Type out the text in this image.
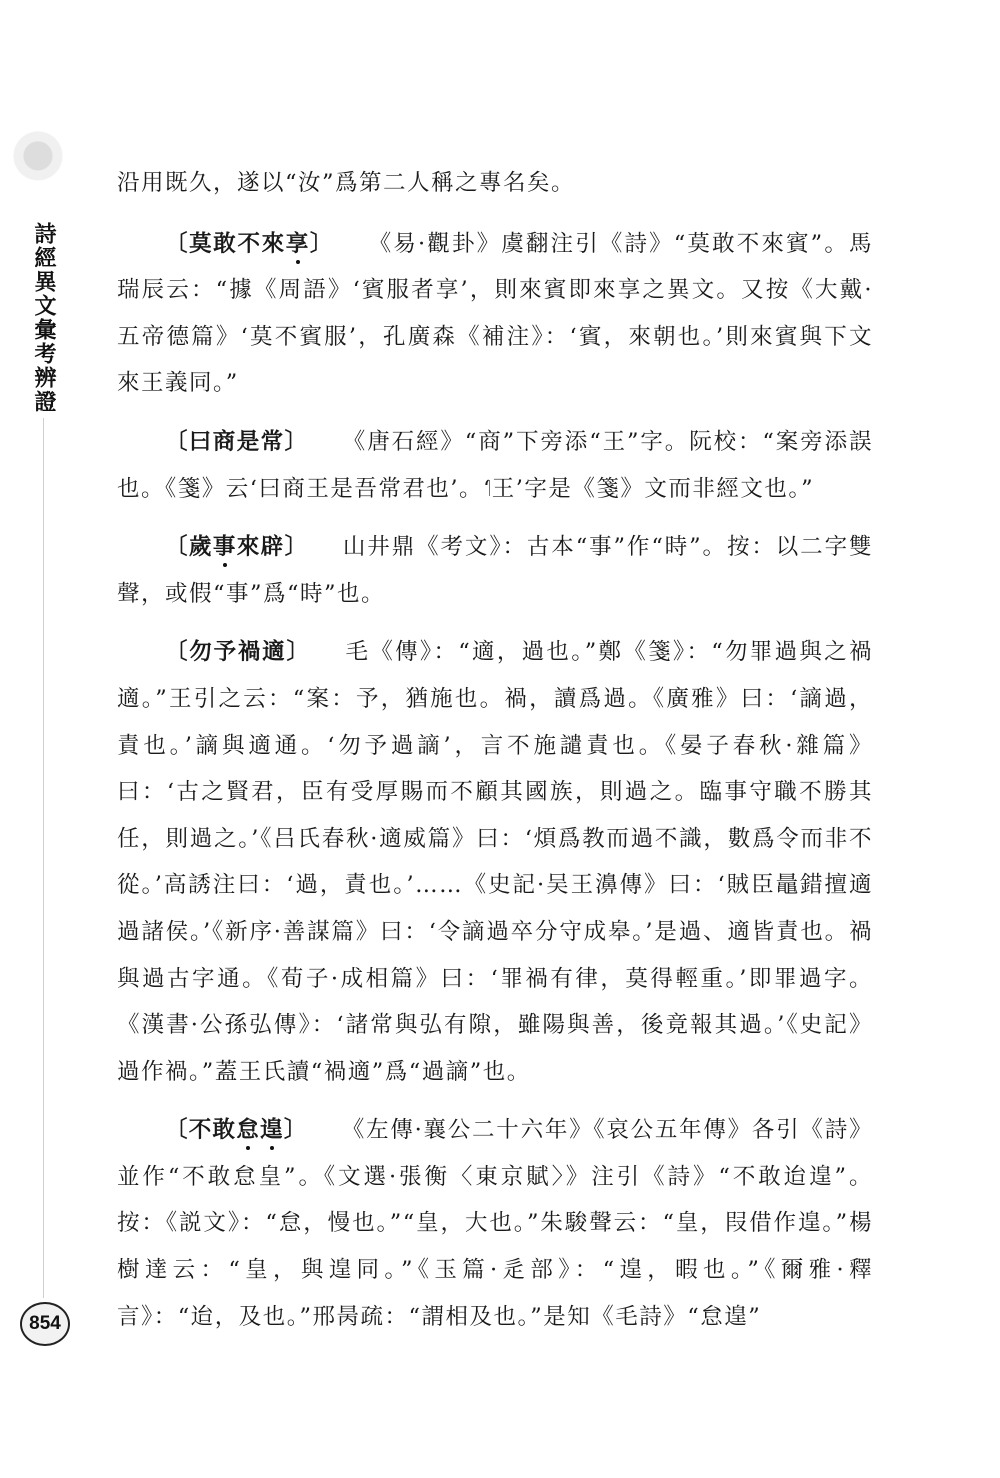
詩經異文彙考辨證
854

沿用既久，遂以“汝”爲第二人稱之專名矣。

〔莫敢不來享〕 《易·觀卦》虞翻注引《詩》“莫敢不來賓”。馬瑞辰云：“據《周語》‘賓服者享’，則來賓即來享之異文。又按《大戴·五帝德篇》‘莫不賓服’，孔廣森《補注》：‘賓，來朝也。’則來賓與下文來王義同。”

〔曰商是常〕 《唐石經》“商”下旁添“王”字。阮校：“案旁添誤也。《箋》云‘曰商王是吾常君也’。‘王’字是《箋》文而非經文也。”

〔歲事來辟〕 山井鼎《考文》：古本“事”作“時”。按：以二字雙聲，或假“事”爲“時”也。

〔勿予禍適〕 毛《傳》：“適，過也。”鄭《箋》：“勿罪過與之禍適。”王引之云：“案：予，猶施也。禍，讀爲過。《廣雅》曰：‘謫過，責也。’謫與適通。‘勿予過謫’，言不施譴責也。《晏子春秋·雜篇》曰：‘古之賢君，臣有受厚賜而不顧其國族，則過之。臨事守職不勝其任，則過之。’《吕氏春秋·適威篇》曰：‘煩爲教而過不識，數爲令而非不從。’高誘注曰：‘過，責也。’……《史記·吴王濞傳》曰：‘賊臣鼂錯擅適過諸侯。’《新序·善謀篇》曰：‘令謫過卒分守成皋。’是過、適皆責也。禍與過古字通。《荀子·成相篇》曰：‘罪禍有律，莫得輕重。’即罪過字。《漢書·公孫弘傳》：‘諸常與弘有隙，雖陽與善，後竟報其過。’《史記》過作禍。”蓋王氏讀“禍適”爲“過謫”也。

〔不敢怠遑〕 《左傳·襄公二十六年》《哀公五年傳》各引《詩》並作“不敢怠皇”。《文選·張衡〈東京賦〉》注引《詩》“不敢迨遑”。按：《説文》：“怠，慢也。”“皇，大也。”朱駿聲云：“皇，叚借作遑。”楊樹達云：“皇，與遑同。”《玉篇·辵部》：“遑，暇也。”《爾雅·釋言》：“迨，及也。”邢昺疏：“謂相及也。”是知《毛詩》“怠遑”
